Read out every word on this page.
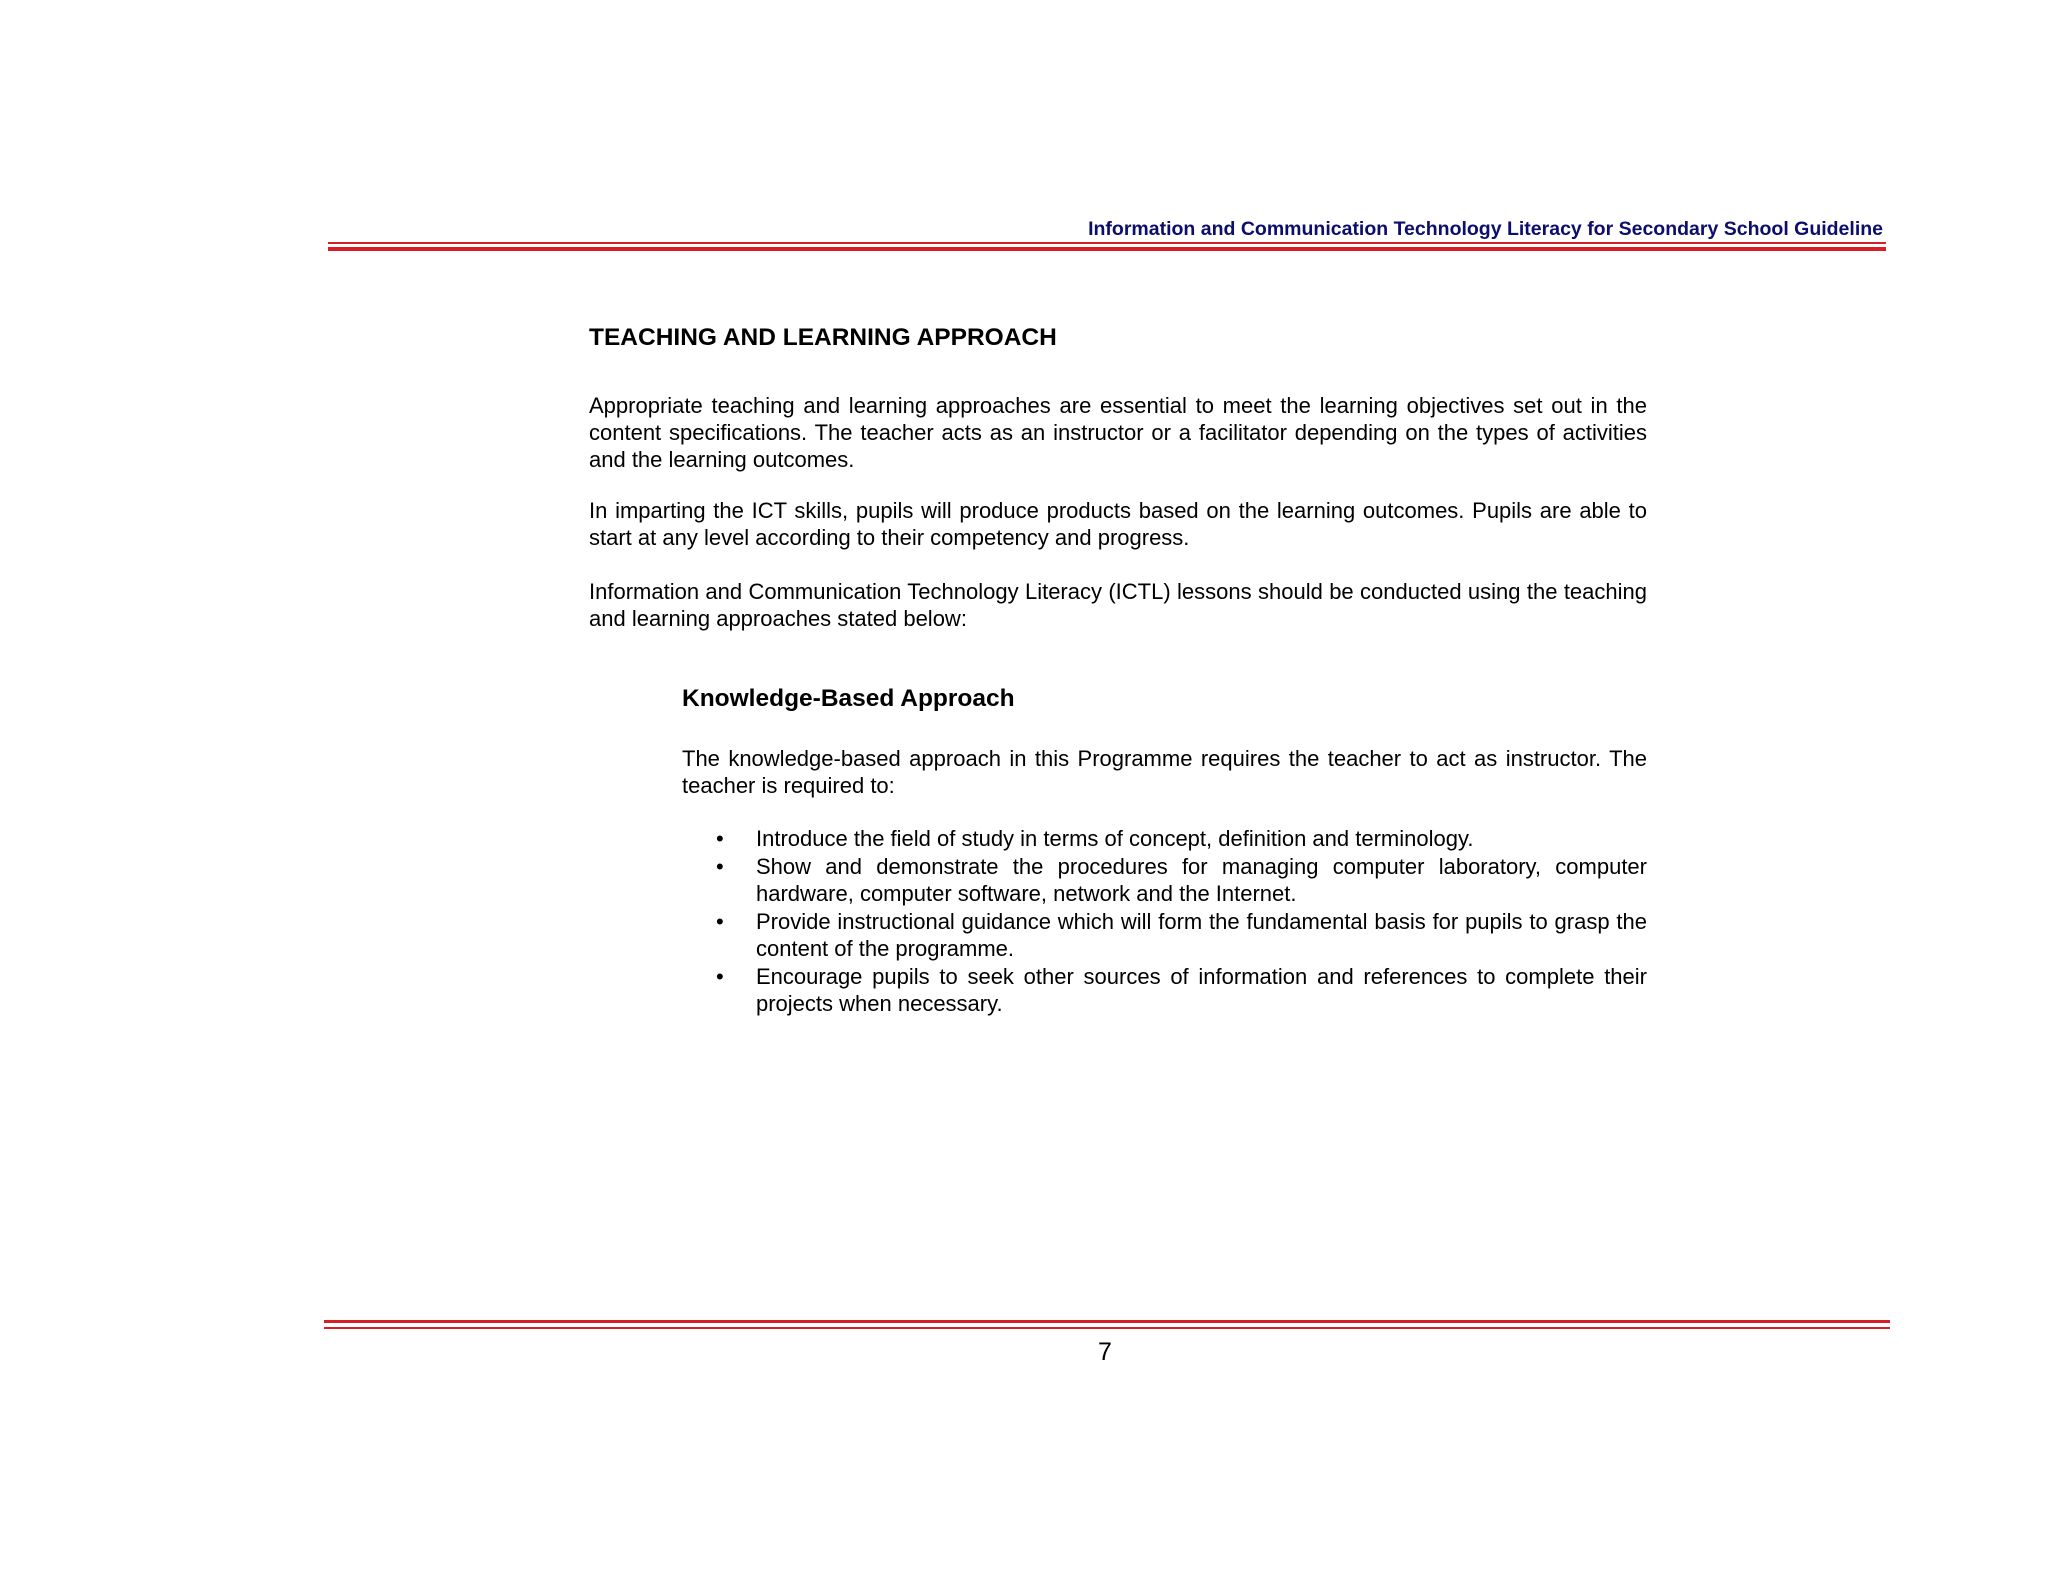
Information and Communication Technology Literacy for Secondary School Guideline
TEACHING AND LEARNING APPROACH

Appropriate teaching and learning approaches are essential to meet the learning objectives set out in the content specifications. The teacher acts as an instructor or a facilitator depending on the types of activities and the learning outcomes.

In imparting the ICT skills, pupils will produce products based on the learning outcomes. Pupils are able to start at any level according to their competency and progress.

Information and Communication Technology Literacy (ICTL) lessons should be conducted using the teaching and learning approaches stated below:

Knowledge-Based Approach

The knowledge-based approach in this Programme requires the teacher to act as instructor. The teacher is required to:

•	Introduce the field of study in terms of concept, definition and terminology.
•	Show and demonstrate the procedures for managing computer laboratory, computer hardware, computer software, network and the Internet.
•	Provide instructional guidance which will form the fundamental basis for pupils to grasp the content of the programme.
•	Encourage pupils to seek other sources of information and references to complete their projects when necessary.
7
